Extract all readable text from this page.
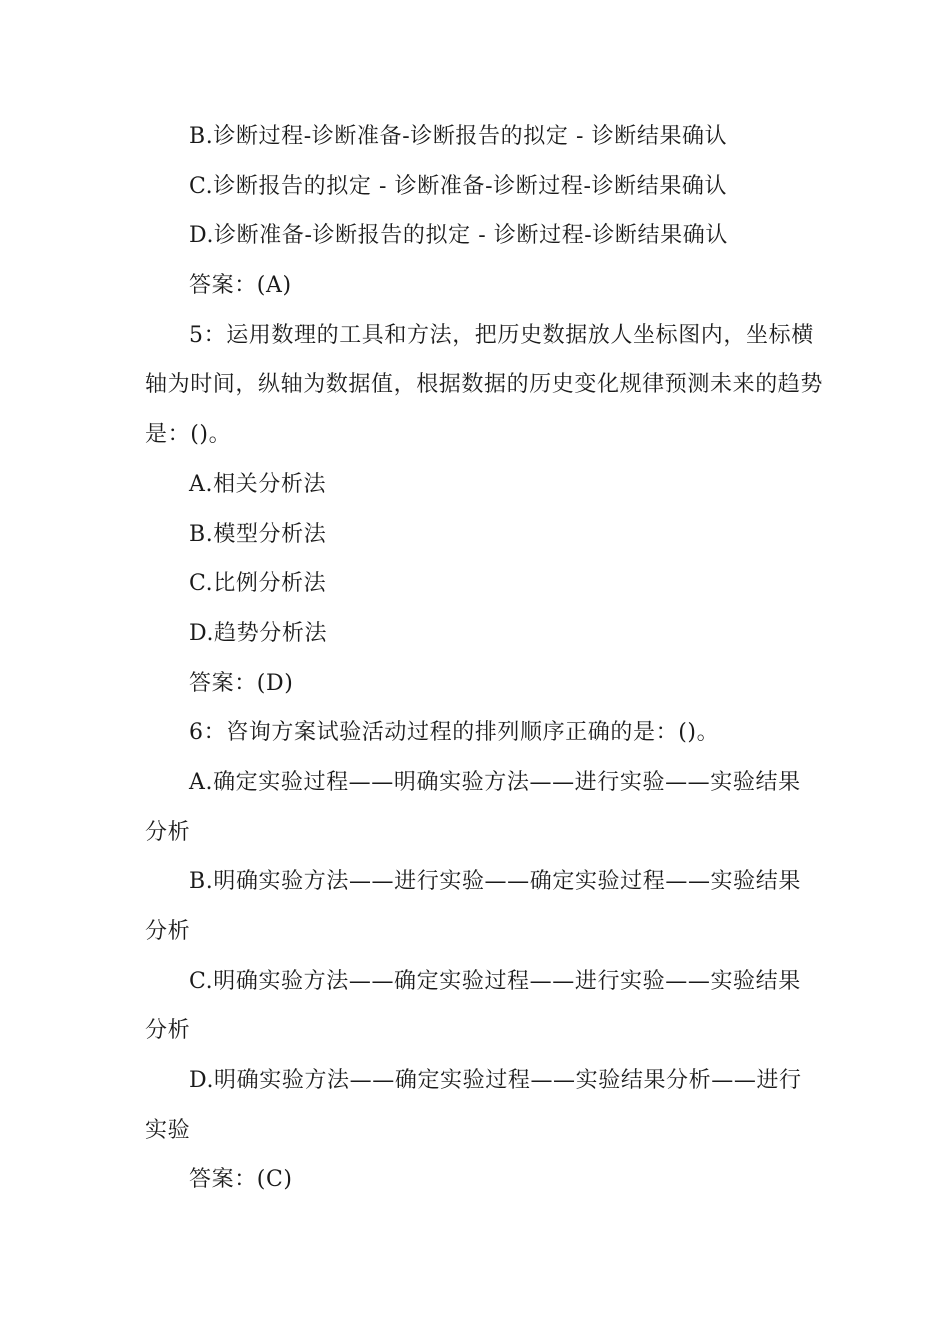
B.诊断过程-诊断准备-诊断报告的拟定 - 诊断结果确认
C.诊断报告的拟定 - 诊断准备-诊断过程-诊断结果确认
D.诊断准备-诊断报告的拟定 - 诊断过程-诊断结果确认
答案：(A)
5：运用数理的工具和方法，把历史数据放人坐标图内，坐标横
轴为时间，纵轴为数据值，根据数据的历史变化规律预测未来的趋势
是：()。
A.相关分析法
B.模型分析法
C.比例分析法
D.趋势分析法
答案：(D)
6：咨询方案试验活动过程的排列顺序正确的是：()。
A.确定实验过程——明确实验方法——进行实验——实验结果
分析
B.明确实验方法——进行实验——确定实验过程——实验结果
分析
C.明确实验方法——确定实验过程——进行实验——实验结果
分析
D.明确实验方法——确定实验过程——实验结果分析——进行
实验
答案：(C)
